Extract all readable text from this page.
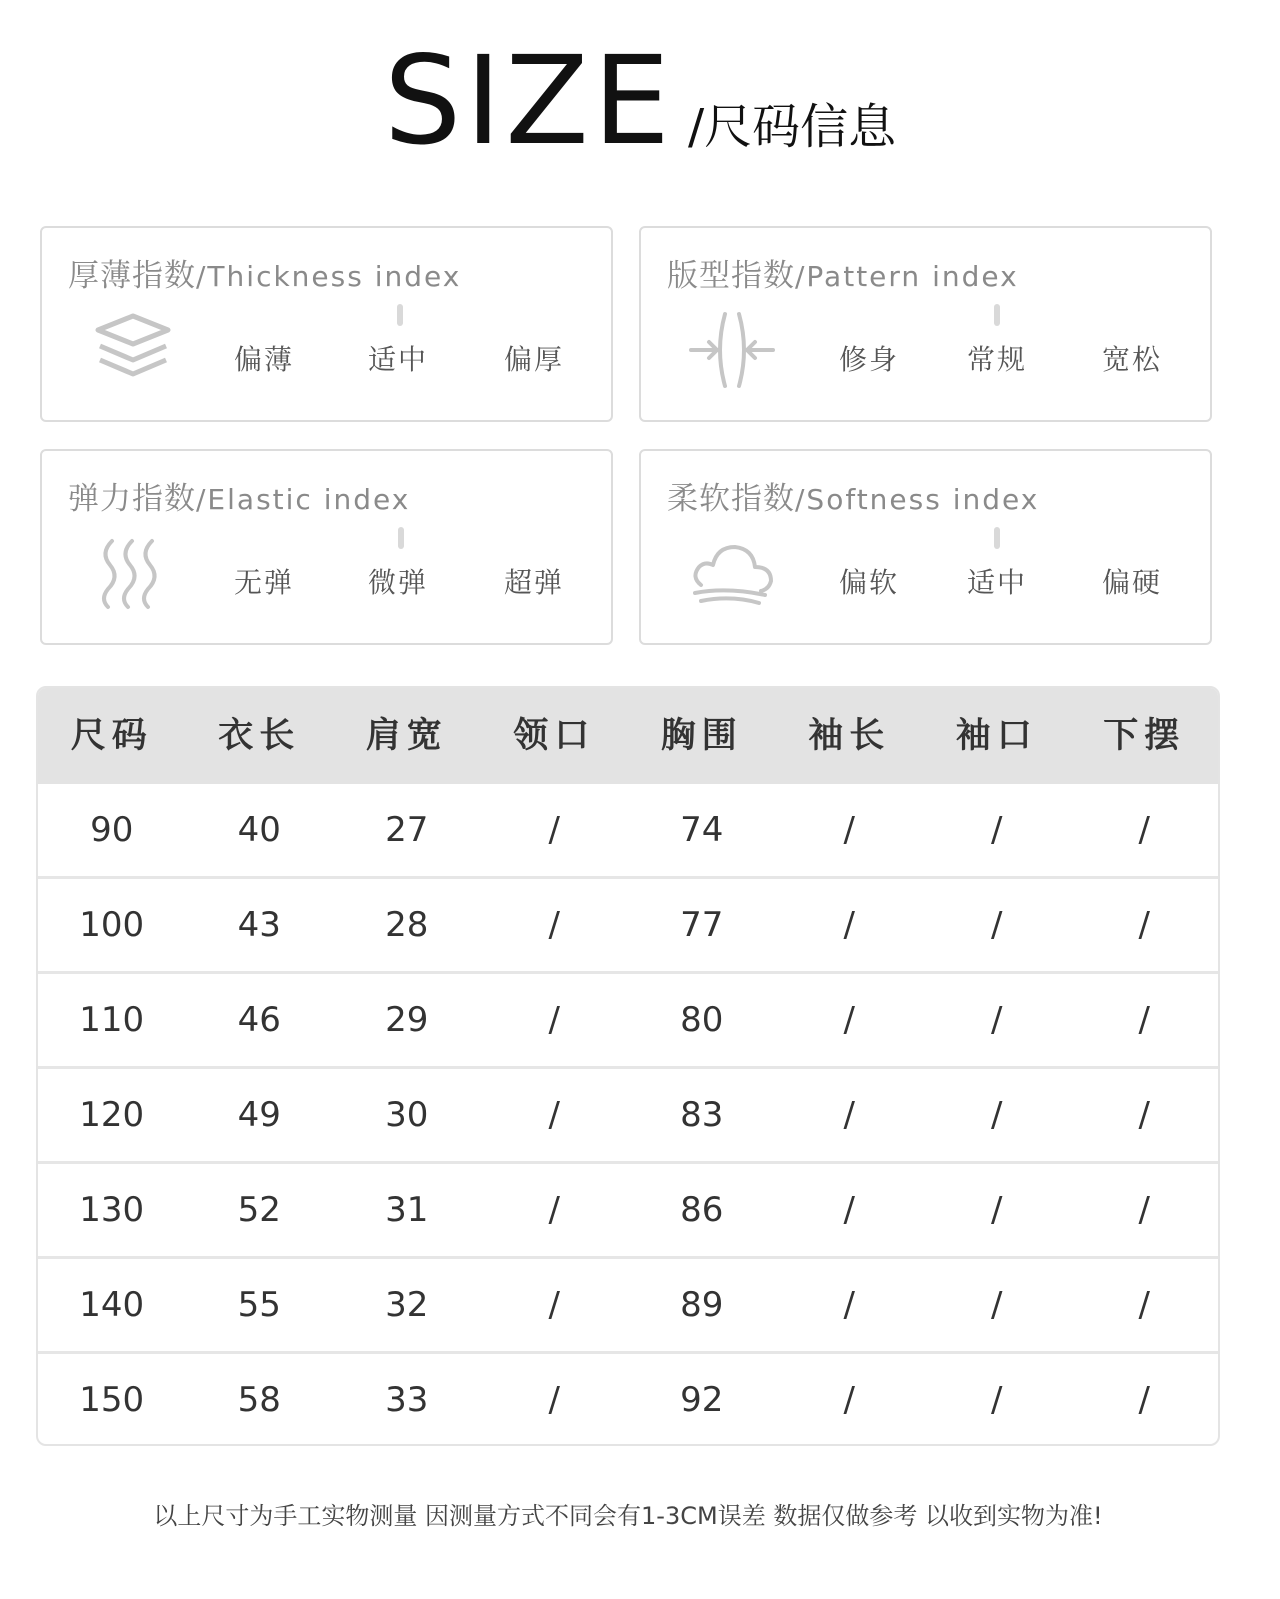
SIZE /尺码信息
厚薄指数/Thickness index
偏薄	适中	偏厚
版型指数/Pattern index
修身	常规	宽松
弹力指数/Elastic index
无弹	微弹	超弹
柔软指数/Softness index
偏软	适中	偏硬
尺码	衣长	肩宽	领口	胸围	袖长	袖口	下摆
90	40	27	/	74	/	/	/
100	43	28	/	77	/	/	/
110	46	29	/	80	/	/	/
120	49	30	/	83	/	/	/
130	52	31	/	86	/	/	/
140	55	32	/	89	/	/	/
150	58	33	/	92	/	/	/
以上尺寸为手工实物测量 因测量方式不同会有1-3CM误差 数据仅做参考 以收到实物为准!
